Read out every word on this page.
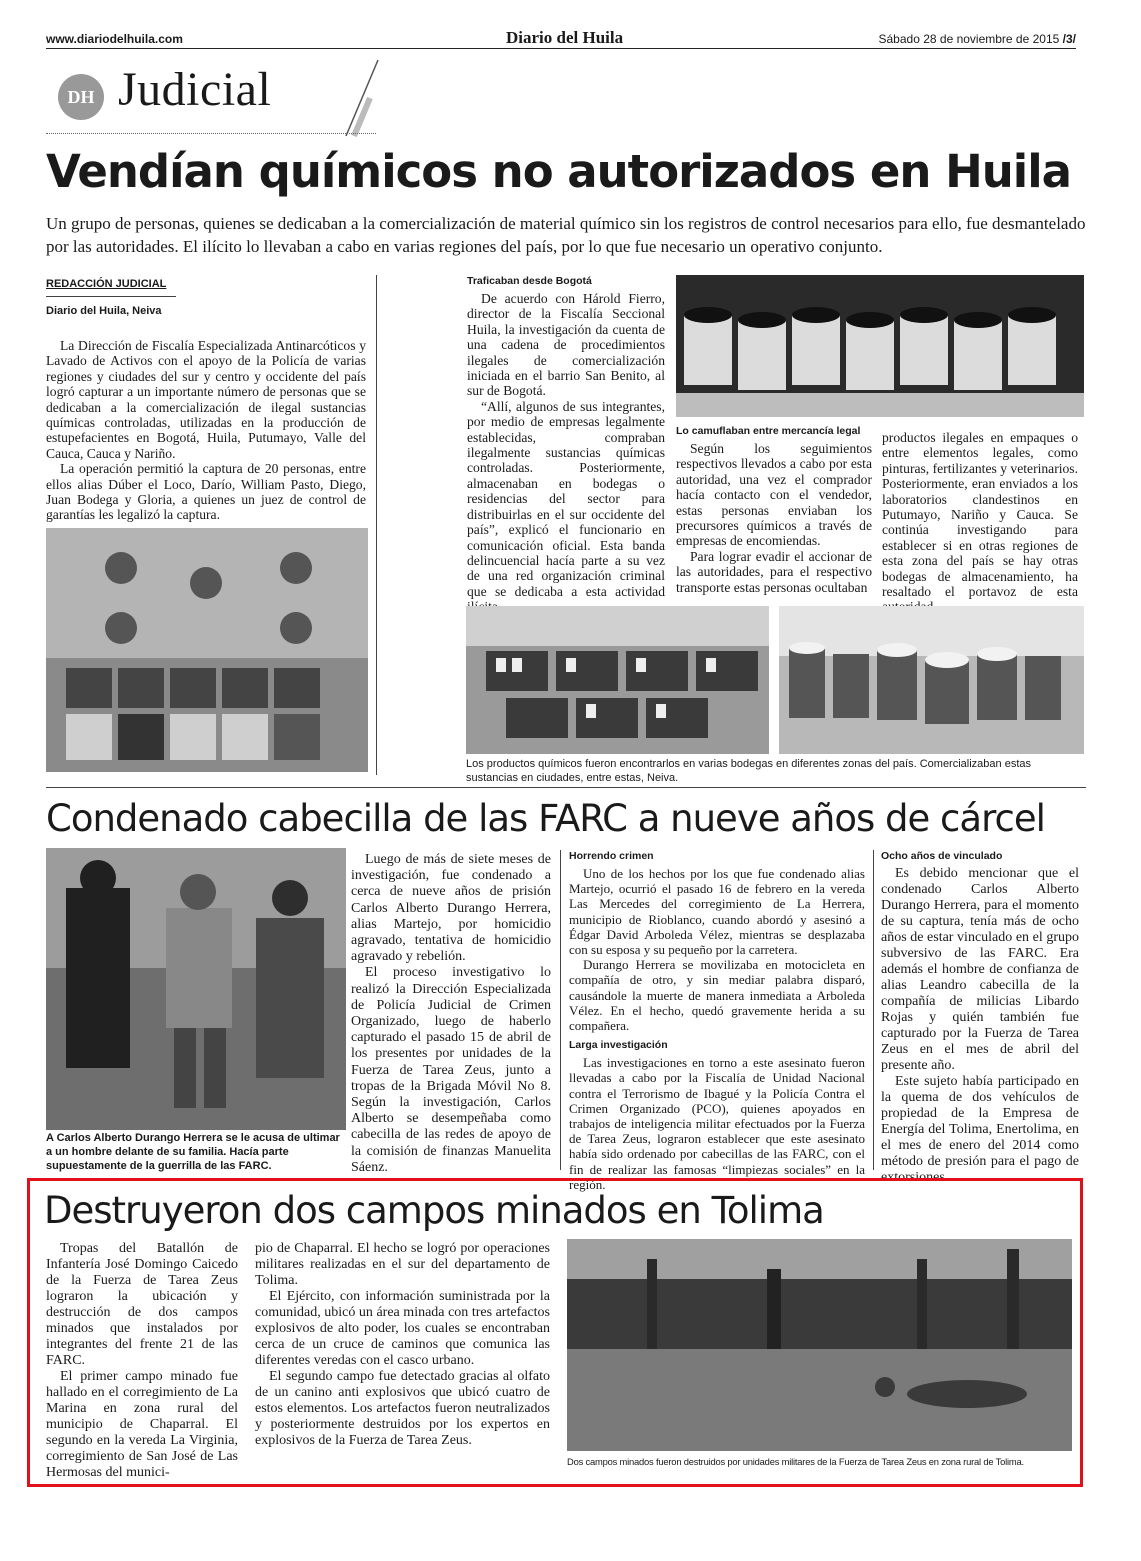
www.diariodelhuila.com	Diario del Huila	Sábado 28 de noviembre de 2015 /3/
DH Judicial
Vendían químicos no autorizados en Huila
Un grupo de personas, quienes se dedicaban a la comercialización de material químico sin los registros de control necesarios para ello, fue desmantelado por las autoridades. El ilícito lo llevaban a cabo en varias regiones del país, por lo que fue necesario un operativo conjunto.
REDACCIÓN JUDICIAL
Diario del Huila, Neiva

La Dirección de Fiscalía Especializada Antinarcóticos y Lavado de Activos con el apoyo de la Policía de varias regiones y ciudades del sur y centro y occidente del país logró capturar a un importante número de personas que se dedicaban a la comercialización de ilegal sustancias químicas controladas, utilizadas en la producción de estupefacientes en Bogotá, Huila, Putumayo, Valle del Cauca, Cauca y Nariño.

La operación permitió la captura de 20 personas, entre ellos alias Dúber el Loco, Darío, William Pasto, Diego, Juan Bodega y Gloria, a quienes un juez de control de garantías les legalizó la captura.

Traficaban desde Bogotá

De acuerdo con Hárold Fierro, director de la Fiscalía Seccional Huila, la investigación da cuenta de una cadena de procedimientos ilegales de comercialización iniciada en el barrio San Benito, al sur de Bogotá.

“Allí, algunos de sus integrantes, por medio de empresas legalmente establecidas, compraban ilegalmente sustancias químicas controladas. Posteriormente, almacenaban en bodegas o residencias del sector para distribuirlas en el sur occidente del país”, explicó el funcionario en comunicación oficial. Esta banda delincuencial hacía parte a su vez de una red organización criminal que se dedicaba a esta actividad

Lo camuflaban entre mercancía legal

Según los seguimientos respectivos llevados a cabo por esta autoridad, una vez el comprador hacía contacto con el vendedor, estas personas enviaban los precursores químicos a través de empresas de encomiendas.

Para lograr evadir el accionar de las autoridades, para el respectivo transporte estas personas ocultaban

productos ilegales en empaques o entre elementos legales, como pinturas, fertilizantes y veterinarios. Posteriormente, eran enviados a los laboratorios clandestinos en Putumayo, Nariño y Cauca. Se continúa investigando para establecer si en otras regiones de esta zona del país se hay otras bodegas de almacenamiento, ha resaltado el portavoz de esta

Los productos químicos fueron encontrarlos en varias bodegas en diferentes zonas del país. Comercializaban estas sustancias en ciudades, entre estas, Neiva.
Condenado cabecilla de las FARC a nueve años de cárcel
A Carlos Alberto Durango Herrera se le acusa de ultimar a un hombre delante de su familia. Hacía parte supuestamente de la guerrilla de las FARC.

Luego de más de siete meses de investigación, fue condenado a cerca de nueve años de prisión Carlos Alberto Durango Herrera, alias Martejo, por homicidio agravado, tentativa de homicidio agravado y rebelión.

El proceso investigativo lo realizó la Dirección Especializada de Policía Judicial de Crimen Organizado, luego de haberlo capturado el pasado 15 de abril de los presentes por unidades de la Fuerza de Tarea Zeus, junto a tropas de la Brigada Móvil No 8. Según la investigación, Carlos Alberto se desempeñaba como cabecilla de las redes de apoyo de la comisión de finanzas Manuelita Sáenz.

Horrendo crimen

Uno de los hechos por los que fue condenado alias Martejo, ocurrió el pasado 16 de febrero en la vereda Las Mercedes del corregimiento de La Herrera, municipio de Rioblanco, cuando abordó y asesinó a Édgar David Arboleda Vélez, mientras se desplazaba con su esposa y su pequeño por la carretera.

Durango Herrera se movilizaba en motocicleta en compañía de otro, y sin mediar palabra disparó, causándole la muerte de manera inmediata a Arboleda Vélez. En el hecho, quedó gravemente herida a su compañera.

Larga investigación

Las investigaciones en torno a este asesinato fueron llevadas a cabo por la Fiscalía de Unidad Nacional contra el Terrorismo de Ibagué y la Policía Contra el Crimen Organizado (PCO), quienes apoyados en trabajos de inteligencia militar efectuados por la Fuerza de Tarea Zeus, lograron establecer que este asesinato había sido ordenado por cabecillas de las FARC, con el fin de realizar las famosas “limpiezas sociales” en la región.

Ocho años de vinculado

Es debido mencionar que el condenado Carlos Alberto Durango Herrera, para el momento de su captura, tenía más de ocho años de estar vinculado en el grupo subversivo de las FARC. Era además el hombre de confianza de alias Leandro cabecilla de la compañía de milicias Libardo Rojas y quién también fue capturado por la Fuerza de Tarea Zeus en el mes de abril del presente año.

Este sujeto había participado en la quema de dos vehículos de propiedad de la Empresa de Energía del Tolima, Enertolima, en el mes de enero del 2014 como método de presión para el pago de extorsiones.

Destruyeron dos campos minados en Tolima

Tropas del Batallón de Infantería José Domingo Caicedo de la Fuerza de Tarea Zeus lograron la ubicación y destrucción de dos campos minados que instalados por integrantes del frente 21 de las FARC.

El primer campo minado fue hallado en el corregimiento de La Marina en zona rural del municipio de Chaparral. El segundo en la vereda La Virginia, corregimiento de San José de Las Hermosas del munici-

pio de Chaparral. El hecho se logró por operaciones militares realizadas en el sur del departamento de Tolima.

El Ejército, con información suministrada por la comunidad, ubicó un área minada con tres artefactos explosivos de alto poder, los cuales se encontraban cerca de un cruce de caminos que comunica las diferentes veredas con el casco urbano.

El segundo campo fue detectado gracias al olfato de un canino anti explosivos que ubicó cuatro de estos elementos. Los artefactos fueron neutralizados y posteriormente destruidos por los expertos en explosivos de la Fuerza de Tarea Zeus.

Dos campos minados fueron destruidos por unidades militares de la Fuerza de Tarea Zeus en zona rural de Tolima.
